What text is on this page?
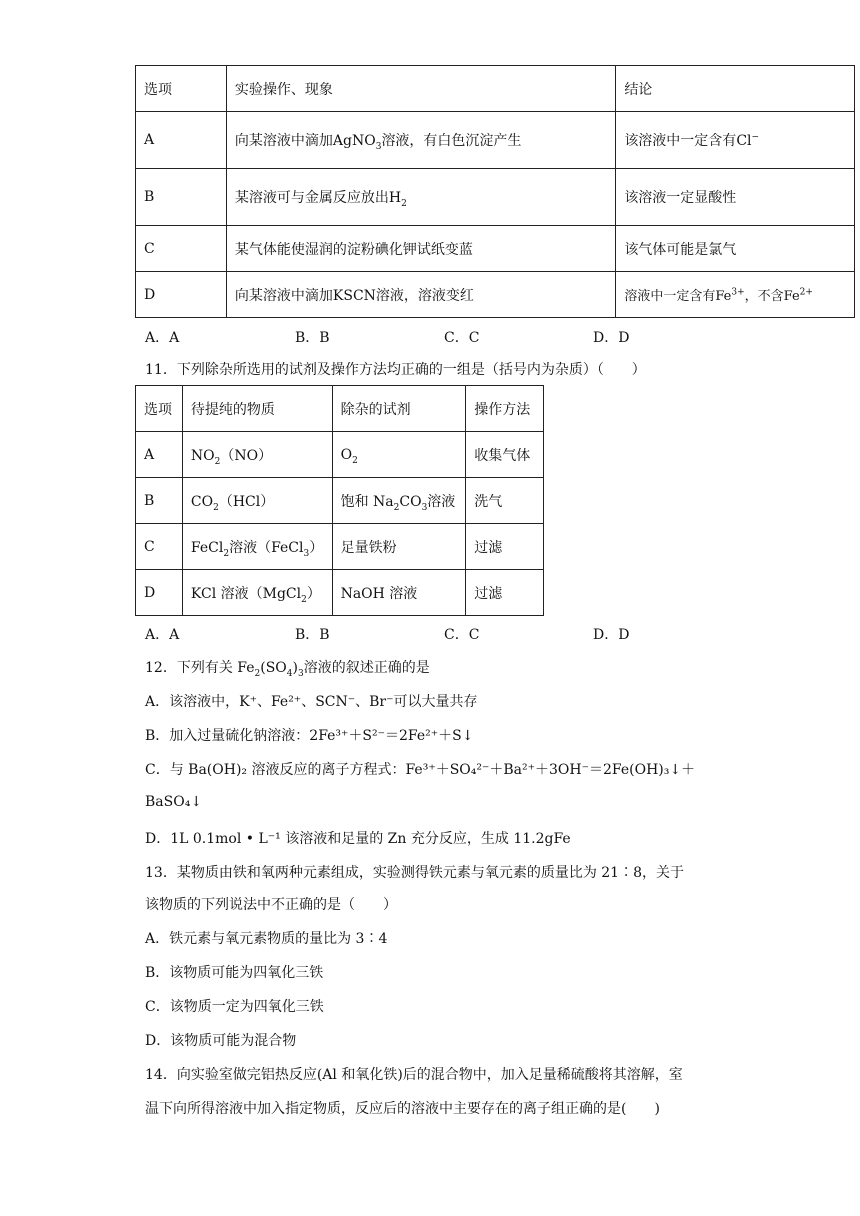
选项	实验操作、现象	结论
A	向某溶液中滴加AgNO$_3$溶液，有白色沉淀产生	该溶液中一定含有Cl−
B	某溶液可与金属反应放出$H_2$	该溶液一定显酸性
C	某气体能使湿润的淀粉碘化钾试纸变蓝	该气体可能是氯气
D	向某溶液中滴加KSCN溶液，溶液变红	溶液中一定含有$Fe^{3+}$，不含$Fe^{2+}$
A．A	B．B	C．C	D．D
11．下列除杂所选用的试剂及操作方法均正确的一组是（括号内为杂质）（　　）
选项	待提纯的物质	除杂的试剂	操作方法
A	$NO_2(NO)$	$O_2$	收集气体
B	$CO_2(HCl)$	饱和 $Na_2CO_3$溶液	洗气
C	FeCl$_2$溶液（FeCl$_3$）	足量铁粉	过滤
D	KCl 溶液（MgCl$_2$）	NaOH 溶液	过滤
A．A	B．B	C．C	D．D
12．下列有关 $Fe_2(SO_4)_3$溶液的叙述正确的是
A．该溶液中，K⁺、Fe²⁺、SCN⁻、Br⁻可以大量共存
B．加入过量硫化钠溶液：2Fe³⁺＋S²⁻＝2Fe²⁺＋S↓
C．与 Ba(OH)₂ 溶液反应的离子方程式：Fe³⁺＋SO₄²⁻＋Ba²⁺＋3OH⁻＝2Fe(OH)₃↓＋
BaSO₄↓
D．1L 0.1mol • L⁻¹ 该溶液和足量的 Zn 充分反应，生成 11.2gFe
13．某物质由铁和氧两种元素组成，实验测得铁元素与氧元素的质量比为 21∶8，关于
该物质的下列说法中不正确的是（　　）
A．铁元素与氧元素物质的量比为 3∶4
B．该物质可能为四氧化三铁
C．该物质一定为四氧化三铁
D．该物质可能为混合物
14．向实验室做完铝热反应(Al 和氧化铁)后的混合物中，加入足量稀硫酸将其溶解，室
温下向所得溶液中加入指定物质，反应后的溶液中主要存在的离子组正确的是(　　)
